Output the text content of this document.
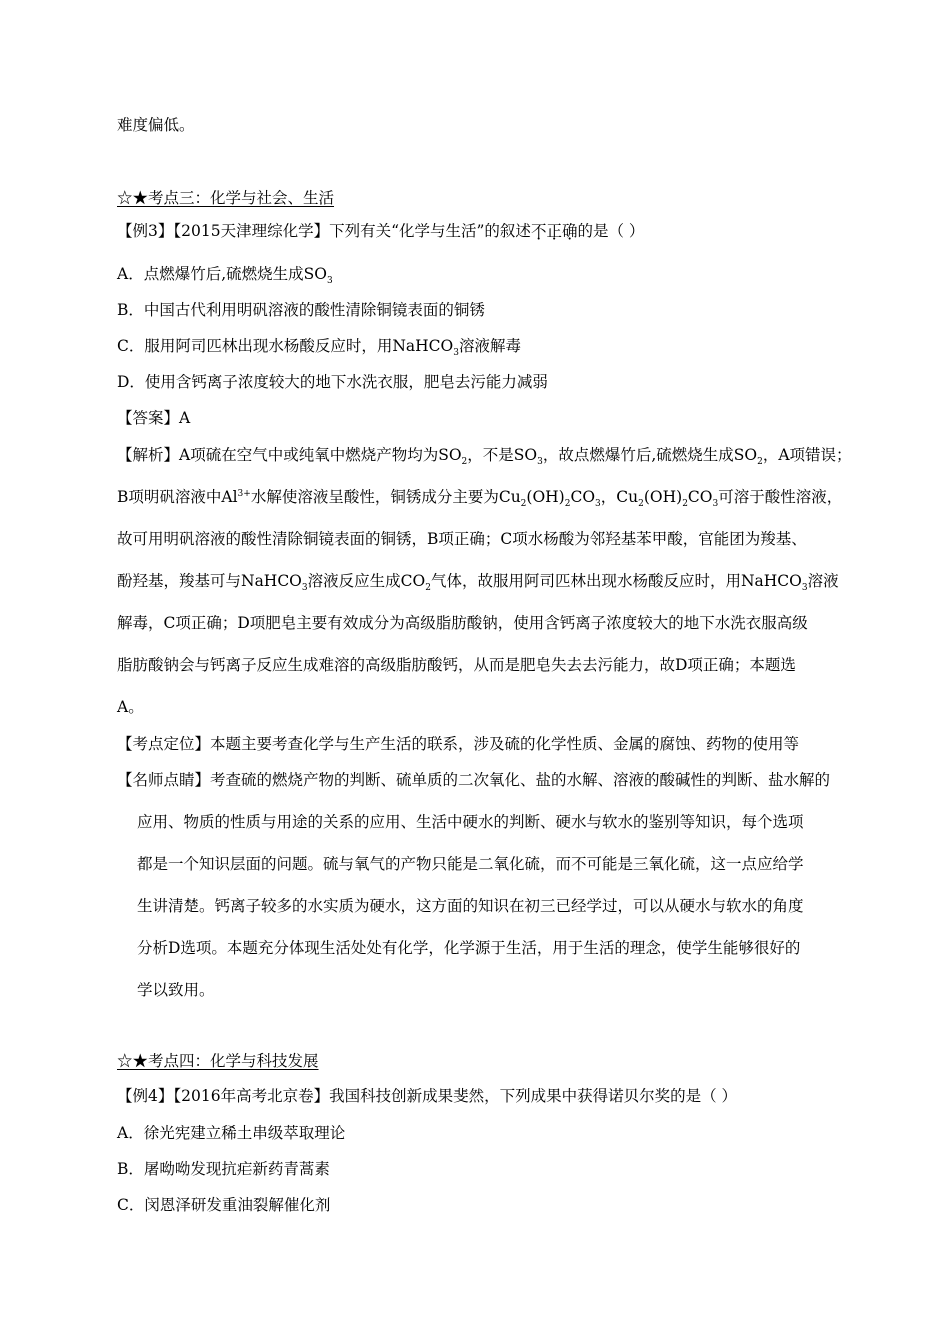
难度偏低。
☆★考点三：化学与社会、生活
【例3】【2015天津理综化学】下列有关“化学与生活”的叙述不正确的是（ ）
A．点燃爆竹后,硫燃烧生成$SO_3$
B．中国古代利用明矾溶液的酸性清除铜镜表面的铜锈
C．服用阿司匹林出现水杨酸反应时，用NaHCO$_3$溶液解毒
D．使用含钙离子浓度较大的地下水洗衣服，肥皂去污能力减弱
【答案】A
【解析】A项硫在空气中或纯氧中燃烧产物均为$SO_2$，不是$SO_3$，故点燃爆竹后,硫燃烧生成$SO_2$，A项错误；
B项明矾溶液中$Al^{3+}$水解使溶液呈酸性，铜锈成分主要为$Cu_2(OH)_2CO_3$，$Cu_2(OH)_2CO_3$可溶于酸性溶液，
故可用明矾溶液的酸性清除铜镜表面的铜锈，B项正确；C项水杨酸为邻羟基苯甲酸，官能团为羧基、
酚羟基，羧基可与NaHCO$_3$溶液反应生成$CO_2$气体，故服用阿司匹林出现水杨酸反应时，用NaHCO$_3$溶液
解毒，C项正确；D项肥皂主要有效成分为高级脂肪酸钠，使用含钙离子浓度较大的地下水洗衣服高级
脂肪酸钠会与钙离子反应生成难溶的高级脂肪酸钙，从而是肥皂失去去污能力，故D项正确；本题选
A。
【考点定位】本题主要考查化学与生产生活的联系，涉及硫的化学性质、金属的腐蚀、药物的使用等
【名师点睛】考查硫的燃烧产物的判断、硫单质的二次氧化、盐的水解、溶液的酸碱性的判断、盐水解的
应用、物质的性质与用途的关系的应用、生活中硬水的判断、硬水与软水的鉴别等知识，每个选项
都是一个知识层面的问题。硫与氧气的产物只能是二氧化硫，而不可能是三氧化硫，这一点应给学
生讲清楚。钙离子较多的水实质为硬水，这方面的知识在初三已经学过，可以从硬水与软水的角度
分析D选项。本题充分体现生活处处有化学，化学源于生活，用于生活的理念，使学生能够很好的
学以致用。
☆★考点四：化学与科技发展
【例4】【2016年高考北京卷】我国科技创新成果斐然，下列成果中获得诺贝尔奖的是（ ）
A．徐光宪建立稀土串级萃取理论
B．屠呦呦发现抗疟新药青蒿素
C．闵恩泽研发重油裂解催化剂
